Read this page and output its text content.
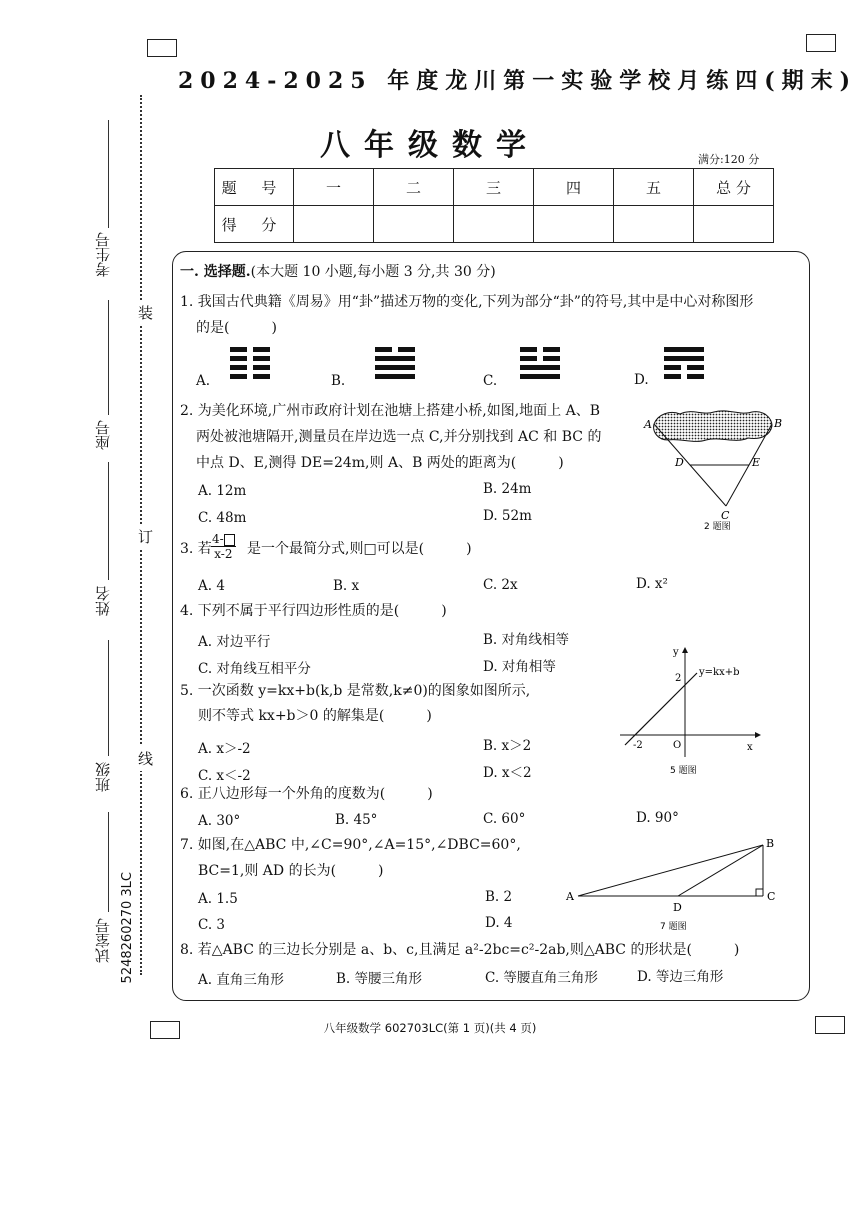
2024-2025 年度龙川第一实验学校月练四(期末)
八年级数学	满分:120 分
题 号	一	二	三	四	五	总 分
得 分						
装
订
线
考生号
座号
姓名
班级
试室号 5248260270 3LC
一. 选择题.(本大题 10 小题,每小题 3 分,共 30 分)
1. 我国古代典籍《周易》用“卦”描述万物的变化,下列为部分“卦”的符号,其中是中心对称图形
的是(　　　)
A.	B.	C.	D.
2. 为美化环境,广州市政府计划在池塘上搭建小桥,如图,地面上 A、B
两处被池塘隔开,测量员在岸边选一点 C,并分别找到 AC 和 BC 的
中点 D、E,测得 DE=24m,则 A、B 两处的距离为(　　　)
A. 12m	B. 24m
C. 48m	D. 52m
A	B
D	E
C
2 题图
3. 若 $\frac{4-}{x-2}$ 是一个最简分式,则□可以是(　　　)
A. 4	B. x	C. 2x	D. x²
4. 下列不属于平行四边形性质的是(　　　)
A. 对边平行	B. 对角线相等
C. 对角线互相平分	D. 对角相等
5. 一次函数 y=kx+b(k,b 是常数,k≠0)的图象如图所示,
则不等式 kx+b＞0 的解集是(　　　)
A. x＞-2	B. x＞2
C. x＜-2	D. x＜2
y
x
O
2
-2
y=kx+b
5 题图
6. 正八边形每一个外角的度数为(　　　)
A. 30°	B. 45°	C. 60°	D. 90°
7. 如图,在△ABC 中,∠C=90°,∠A=15°,∠DBC=60°,
BC=1,则 AD 的长为(　　　)
A. 1.5	B. 2
C. 3	D. 4
A
B
C
D
7 题图
8. 若△ABC 的三边长分别是 a、b、c,且满足 a²-2bc=c²-2ab,则△ABC 的形状是(　　　)
A. 直角三角形	B. 等腰三角形	C. 等腰直角三角形	D. 等边三角形
八年级数学 602703LC(第 1 页)(共 4 页)
